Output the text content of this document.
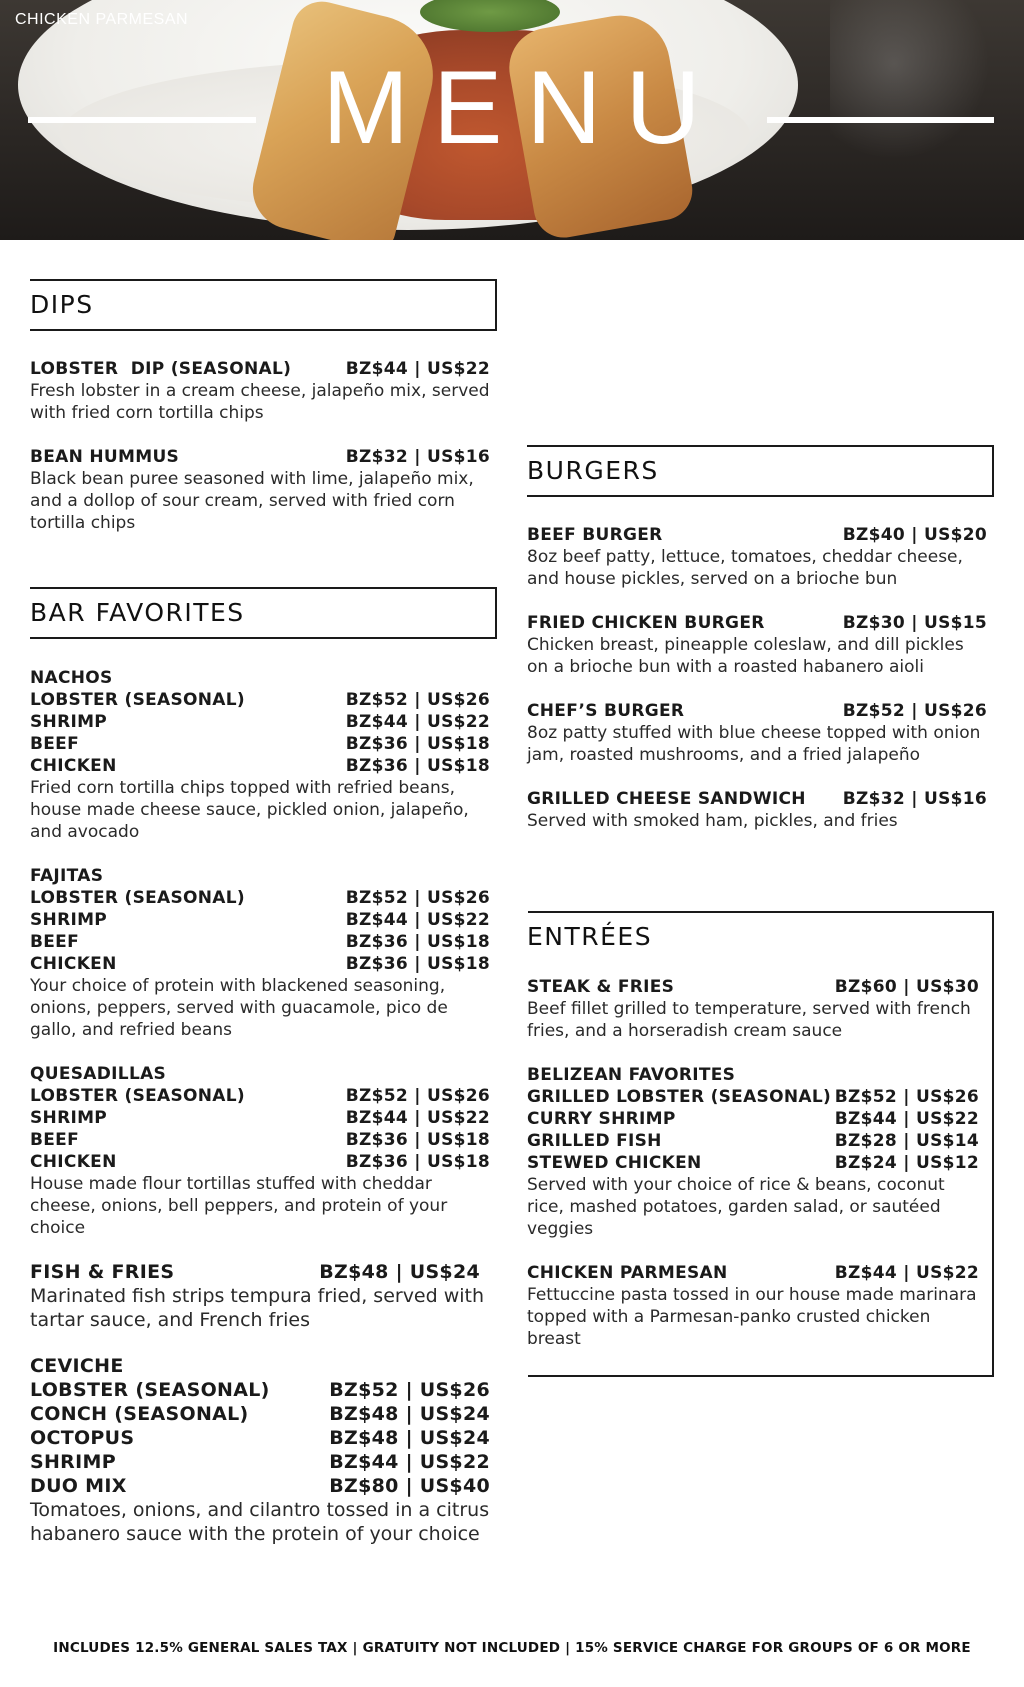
CHICKEN PARMESAN
MENU
DIPS
LOBSTER  DIP (SEASONAL)	BZ$44 | US$22
Fresh lobster in a cream cheese, jalapeño mix, served with fried corn tortilla chips
BEAN HUMMUS	BZ$32 | US$16
Black bean puree seasoned with lime, jalapeño mix, and a dollop of sour cream, served with fried corn tortilla chips
BAR FAVORITES
NACHOS
LOBSTER (SEASONAL)	BZ$52 | US$26
SHRIMP	BZ$44 | US$22
BEEF	BZ$36 | US$18
CHICKEN	BZ$36 | US$18
Fried corn tortilla chips topped with refried beans, house made cheese sauce, pickled onion, jalapeño, and avocado
FAJITAS
LOBSTER (SEASONAL)	BZ$52 | US$26
SHRIMP	BZ$44 | US$22
BEEF	BZ$36 | US$18
CHICKEN	BZ$36 | US$18
Your choice of protein with blackened seasoning, onions, peppers, served with guacamole, pico de gallo, and refried beans
QUESADILLAS
LOBSTER (SEASONAL)	BZ$52 | US$26
SHRIMP	BZ$44 | US$22
BEEF	BZ$36 | US$18
CHICKEN	BZ$36 | US$18
House made flour tortillas stuffed with cheddar cheese, onions, bell peppers, and protein of your choice
FISH & FRIES	BZ$48 | US$24
Marinated fish strips tempura fried, served with tartar sauce, and French fries
CEVICHE
LOBSTER (SEASONAL)	BZ$52 | US$26
CONCH (SEASONAL)	BZ$48 | US$24
OCTOPUS	BZ$48 | US$24
SHRIMP	BZ$44 | US$22
DUO MIX	BZ$80 | US$40
Tomatoes, onions, and cilantro tossed in a citrus habanero sauce with the protein of your choice
BURGERS
BEEF BURGER	BZ$40 | US$20
8oz beef patty, lettuce, tomatoes, cheddar cheese, and house pickles, served on a brioche bun
FRIED CHICKEN BURGER	BZ$30 | US$15
Chicken breast, pineapple coleslaw, and dill pickles on a brioche bun with a roasted habanero aioli
CHEF’S BURGER	BZ$52 | US$26
8oz patty stuffed with blue cheese topped with onion jam, roasted mushrooms, and a fried jalapeño
GRILLED CHEESE SANDWICH BZ$32 | US$16
Served with smoked ham, pickles, and fries
ENTRÉES
STEAK & FRIES	BZ$60 | US$30
Beef fillet grilled to temperature, served with french fries, and a horseradish cream sauce
BELIZEAN FAVORITES
GRILLED LOBSTER (SEASONAL) BZ$52 | US$26
CURRY SHRIMP	BZ$44 | US$22
GRILLED FISH	BZ$28 | US$14
STEWED CHICKEN	BZ$24 | US$12
Served with your choice of rice & beans, coconut rice, mashed potatoes, garden salad, or sautéed veggies
CHICKEN PARMESAN	BZ$44 | US$22
Fettuccine pasta tossed in our house made marinara topped with a Parmesan-panko crusted chicken breast
INCLUDES 12.5% GENERAL SALES TAX | GRATUITY NOT INCLUDED | 15% SERVICE CHARGE FOR GROUPS OF 6 OR MORE
